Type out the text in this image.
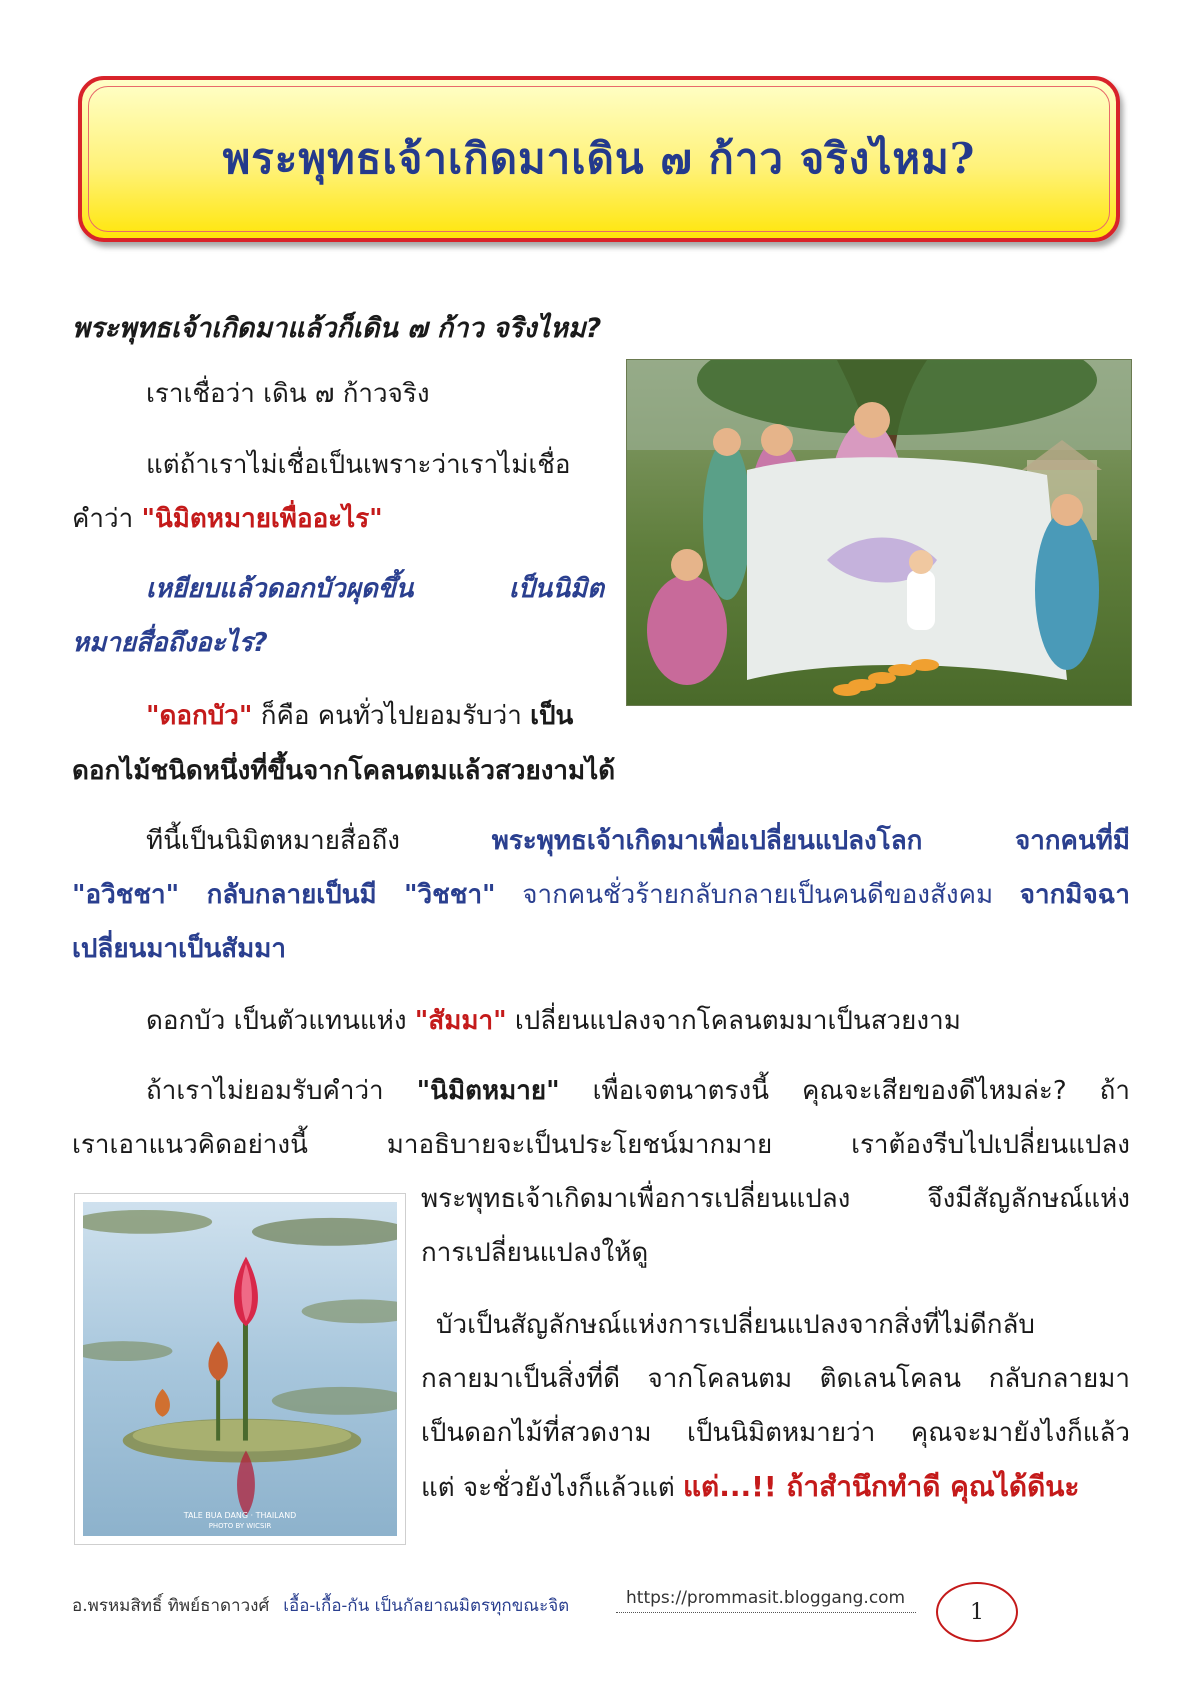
พระพุทธเจ้าเกิดมาเดิน ๗ ก้าว จริงไหม?

พระพุทธเจ้าเกิดมาแล้วก็เดิน ๗ ก้าว จริงไหม?

เราเชื่อว่า เดิน ๗ ก้าวจริง

แต่ถ้าเราไม่เชื่อเป็นเพราะว่าเราไม่เชื่อ

คำว่า "นิมิตหมายเพื่ออะไร"

เหยียบแล้วดอกบัวผุดขึ้น เป็นนิมิต

หมายสื่อถึงอะไร?

"ดอกบัว" ก็คือ คนทั่วไปยอมรับว่า เป็น

ดอกไม้ชนิดหนึ่งที่ขึ้นจากโคลนตมแล้วสวยงามได้

ทีนี้เป็นนิมิตหมายสื่อถึง พระพุทธเจ้าเกิดมาเพื่อเปลี่ยนแปลงโลก จากคนที่มี

"อวิชชา" กลับกลายเป็นมี "วิชชา" จากคนชั่วร้ายกลับกลายเป็นคนดีของสังคม จากมิจฉา

เปลี่ยนมาเป็นสัมมา

ดอกบัว เป็นตัวแทนแห่ง "สัมมา" เปลี่ยนแปลงจากโคลนตมมาเป็นสวยงาม

ถ้าเราไม่ยอมรับคำว่า "นิมิตหมาย" เพื่อเจตนาตรงนี้ คุณจะเสียของดีไหมล่ะ? ถ้า

เราเอาแนวคิดอย่างนี้ มาอธิบายจะเป็นประโยชน์มากมาย เราต้องรีบไปเปลี่ยนแปลง

TALE BUA DANG · THAILAND
PHOTO BY WICSIR

พระพุทธเจ้าเกิดมาเพื่อการเปลี่ยนแปลง จึงมีสัญลักษณ์แห่ง

การเปลี่ยนแปลงให้ดู

บัวเป็นสัญลักษณ์แห่งการเปลี่ยนแปลงจากสิ่งที่ไม่ดีกลับ

กลายมาเป็นสิ่งที่ดี จากโคลนตม ติดเลนโคลน กลับกลายมา

เป็นดอกไม้ที่สวดงาม เป็นนิมิตหมายว่า คุณจะมายังไงก็แล้ว

แต่ จะชั่วยังไงก็แล้วแต่ แต่...!! ถ้าสำนึกทำดี คุณได้ดีนะ

อ.พรหมสิทธิ์ ทิพย์ธาดาวงศ์ เอื้อ-เกื้อ-กัน เป็นกัลยาณมิตรทุกขณะจิต	https://prommasit.bloggang.com
1
